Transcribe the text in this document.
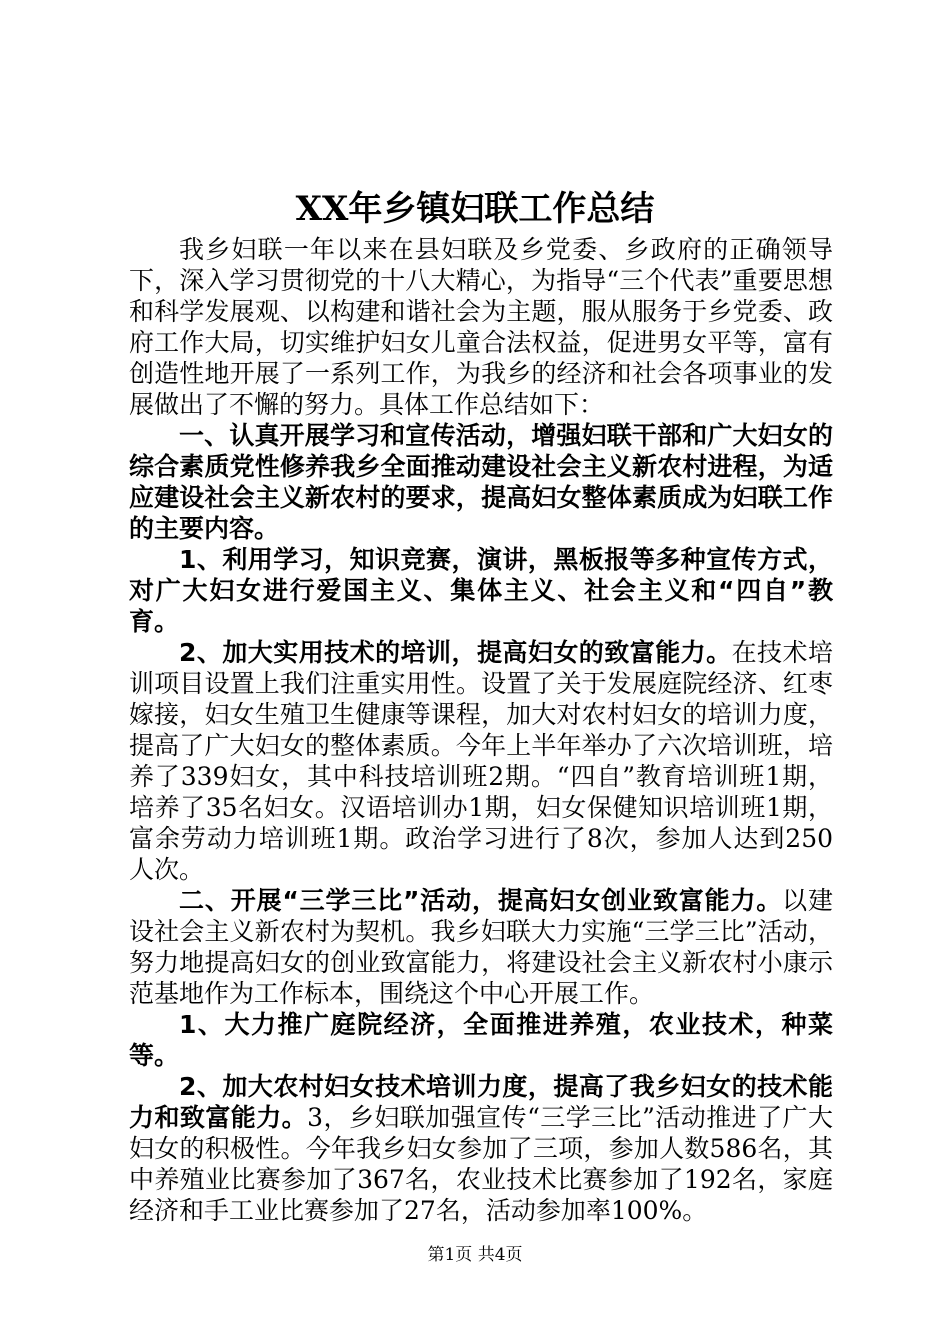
XX年乡镇妇联工作总结

我乡妇联一年以来在县妇联及乡党委、乡政府的正确领导下，深入学习贯彻党的十八大精心，为指导“三个代表”重要思想和科学发展观、以构建和谐社会为主题，服从服务于乡党委、政府工作大局，切实维护妇女儿童合法权益，促进男女平等，富有创造性地开展了一系列工作，为我乡的经济和社会各项事业的发展做出了不懈的努力。具体工作总结如下：

一、认真开展学习和宣传活动，增强妇联干部和广大妇女的综合素质党性修养我乡全面推动建设社会主义新农村进程，为适应建设社会主义新农村的要求，提高妇女整体素质成为妇联工作的主要内容。

1、利用学习，知识竞赛，演讲，黑板报等多种宣传方式，对广大妇女进行爱国主义、集体主义、社会主义和“四自”教育。

2、加大实用技术的培训，提高妇女的致富能力。在技术培训项目设置上我们注重实用性。设置了关于发展庭院经济、红枣嫁接，妇女生殖卫生健康等课程，加大对农村妇女的培训力度，提高了广大妇女的整体素质。今年上半年举办了六次培训班，培养了339妇女，其中科技培训班2期。“四自”教育培训班1期，培养了35名妇女。汉语培训办1期，妇女保健知识培训班1期，富余劳动力培训班1期。政治学习进行了8次，参加人达到250人次。

二、开展“三学三比”活动，提高妇女创业致富能力。以建设社会主义新农村为契机。我乡妇联大力实施“三学三比”活动，努力地提高妇女的创业致富能力，将建设社会主义新农村小康示范基地作为工作标本，围绕这个中心开展工作。

1、大力推广庭院经济，全面推进养殖，农业技术，种菜等。

2、加大农村妇女技术培训力度，提高了我乡妇女的技术能力和致富能力。3，乡妇联加强宣传“三学三比”活动推进了广大妇女的积极性。今年我乡妇女参加了三项，参加人数586名，其中养殖业比赛参加了367名，农业技术比赛参加了192名，家庭经济和手工业比赛参加了27名，活动参加率100%。

第1页 共4页
